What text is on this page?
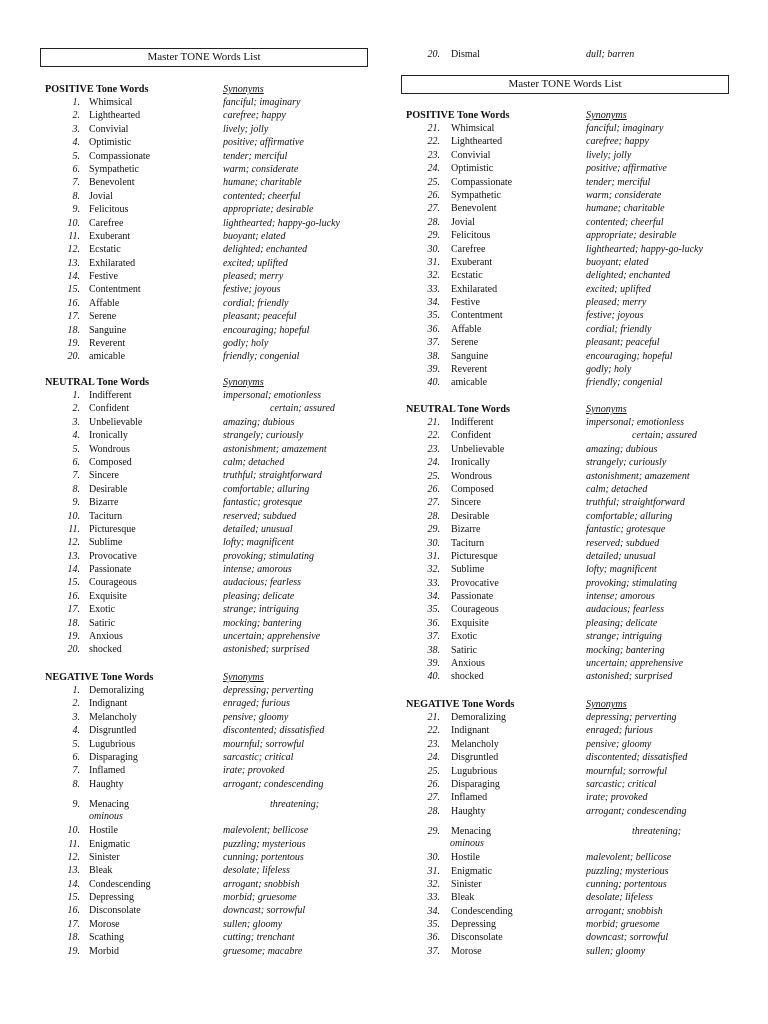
Master TONE Words List
POSITIVE Tone Words	Synonyms
1. Whimsical	fanciful; imaginary
2. Lighthearted	carefree; happy
3. Convivial	lively; jolly
4. Optimistic	positive; affirmative
5. Compassionate	tender; merciful
6. Sympathetic	warm; considerate
7. Benevolent	humane; charitable
8. Jovial	contented; cheerful
9. Felicitous	appropriate; desirable
10. Carefree	lighthearted; happy-go-lucky
11. Exuberant	buoyant; elated
12. Ecstatic	delighted; enchanted
13. Exhilarated	excited; uplifted
14. Festive	pleased; merry
15. Contentment	festive; joyous
16. Affable	cordial; friendly
17. Serene	pleasant; peaceful
18. Sanguine	encouraging; hopeful
19. Reverent	godly; holy
20. amicable	friendly; congenial
NEUTRAL Tone Words	Synonyms
1. Indifferent	impersonal; emotionless
2. Confident	certain; assured
3. Unbelievable	amazing; dubious
4. Ironically	strangely; curiously
5. Wondrous	astonishment; amazement
6. Composed	calm; detached
7. Sincere	truthful; straightforward
8. Desirable	comfortable; alluring
9. Bizarre	fantastic; grotesque
10. Taciturn	reserved; subdued
11. Picturesque	detailed; unusual
12. Sublime	lofty; magnificent
13. Provocative	provoking; stimulating
14. Passionate	intense; amorous
15. Courageous	audacious; fearless
16. Exquisite	pleasing; delicate
17. Exotic	strange; intriguing
18. Satiric	mocking; bantering
19. Anxious	uncertain; apprehensive
20. shocked	astonished; surprised
NEGATIVE Tone Words	Synonyms
1. Demoralizing	depressing; perverting
2. Indignant	enraged; furious
3. Melancholy	pensive; gloomy
4. Disgruntled	discontented; dissatisfied
5. Lugubrious	mournful; sorrowful
6. Disparaging	sarcastic; critical
7. Inflamed	irate; provoked
8. Haughty	arrogant; condescending
9. Menacing	threatening;
ominous
10. Hostile	malevolent; bellicose
11. Enigmatic	puzzling; mysterious
12. Sinister	cunning; portentous
13. Bleak	desolate; lifeless
14. Condescending	arrogant; snobbish
15. Depressing	morbid; gruesome
16. Disconsolate	downcast; sorrowful
17. Morose	sullen; gloomy
18. Scathing	cutting; trenchant
19. Morbid	gruesome; macabre
20. Dismal	dull; barren
Master TONE Words List
POSITIVE Tone Words	Synonyms
21. Whimsical	fanciful; imaginary
22. Lighthearted	carefree; happy
23. Convivial	lively; jolly
24. Optimistic	positive; affirmative
25. Compassionate	tender; merciful
26. Sympathetic	warm; considerate
27. Benevolent	humane; charitable
28. Jovial	contented; cheerful
29. Felicitous	appropriate; desirable
30. Carefree	lighthearted; happy-go-lucky
31. Exuberant	buoyant; elated
32. Ecstatic	delighted; enchanted
33. Exhilarated	excited; uplifted
34. Festive	pleased; merry
35. Contentment	festive; joyous
36. Affable	cordial; friendly
37. Serene	pleasant; peaceful
38. Sanguine	encouraging; hopeful
39. Reverent	godly; holy
40. amicable	friendly; congenial
NEUTRAL Tone Words	Synonyms
21. Indifferent	impersonal; emotionless
22. Confident	certain; assured
23. Unbelievable	amazing; dubious
24. Ironically	strangely; curiously
25. Wondrous	astonishment; amazement
26. Composed	calm; detached
27. Sincere	truthful; straightforward
28. Desirable	comfortable; alluring
29. Bizarre	fantastic; grotesque
30. Taciturn	reserved; subdued
31. Picturesque	detailed; unusual
32. Sublime	lofty; magnificent
33. Provocative	provoking; stimulating
34. Passionate	intense; amorous
35. Courageous	audacious; fearless
36. Exquisite	pleasing; delicate
37. Exotic	strange; intriguing
38. Satiric	mocking; bantering
39. Anxious	uncertain; apprehensive
40. shocked	astonished; surprised
NEGATIVE Tone Words	Synonyms
21. Demoralizing	depressing; perverting
22. Indignant	enraged; furious
23. Melancholy	pensive; gloomy
24. Disgruntled	discontented; dissatisfied
25. Lugubrious	mournful; sorrowful
26. Disparaging	sarcastic; critical
27. Inflamed	irate; provoked
28. Haughty	arrogant; condescending
29. Menacing	threatening;
ominous
30. Hostile	malevolent; bellicose
31. Enigmatic	puzzling; mysterious
32. Sinister	cunning; portentous
33. Bleak	desolate; lifeless
34. Condescending	arrogant; snobbish
35. Depressing	morbid; gruesome
36. Disconsolate	downcast; sorrowful
37. Morose	sullen; gloomy
